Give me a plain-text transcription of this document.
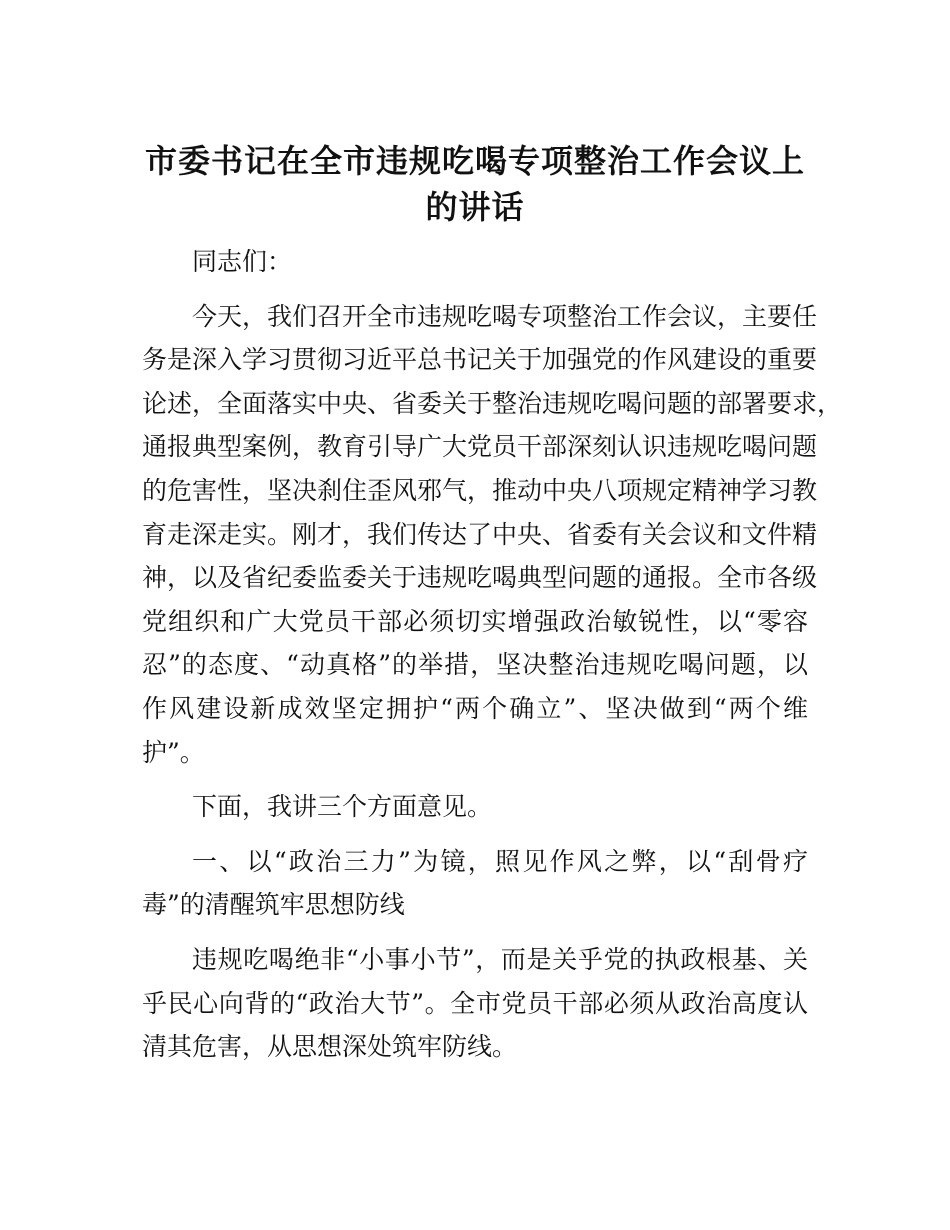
市委书记在全市违规吃喝专项整治工作会议上
的讲话
同志们：
今天，我们召开全市违规吃喝专项整治工作会议，主要任
务是深入学习贯彻习近平总书记关于加强党的作风建设的重要
论述，全面落实中央、省委关于整治违规吃喝问题的部署要求，
通报典型案例，教育引导广大党员干部深刻认识违规吃喝问题
的危害性，坚决刹住歪风邪气，推动中央八项规定精神学习教
育走深走实。刚才，我们传达了中央、省委有关会议和文件精
神，以及省纪委监委关于违规吃喝典型问题的通报。全市各级
党组织和广大党员干部必须切实增强政治敏锐性，以“零容
忍”的态度、“动真格”的举措，坚决整治违规吃喝问题，以
作风建设新成效坚定拥护“两个确立”、坚决做到“两个维
护”。
下面，我讲三个方面意见。
一、以“政治三力”为镜，照见作风之弊，以“刮骨疗
毒”的清醒筑牢思想防线
违规吃喝绝非“小事小节”，而是关乎党的执政根基、关
乎民心向背的“政治大节”。全市党员干部必须从政治高度认
清其危害，从思想深处筑牢防线。
